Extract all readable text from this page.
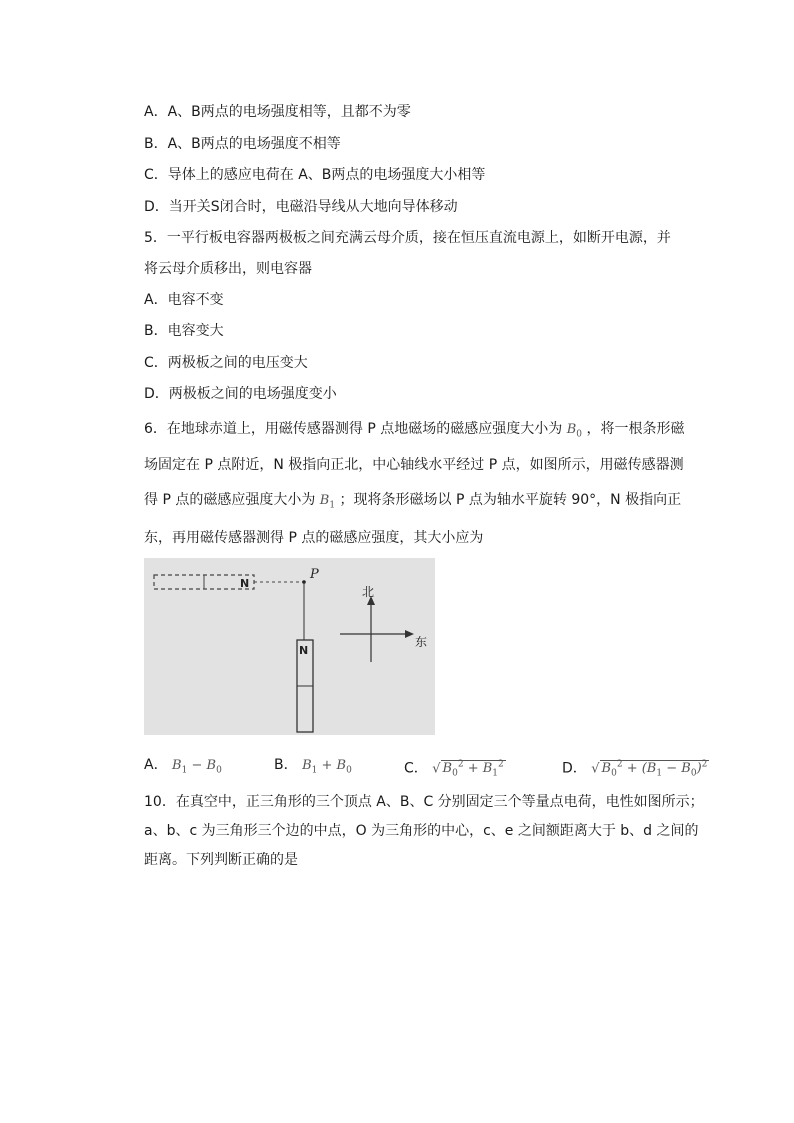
A．A、B两点的电场强度相等，且都不为零
B．A、B两点的电场强度不相等
C．导体上的感应电荷在 A、B两点的电场强度大小相等
D．当开关S闭合时，电磁沿导线从大地向导体移动
5．一平行板电容器两极板之间充满云母介质，接在恒压直流电源上，如断开电源，并
将云母介质移出，则电容器
A．电容不变
B．电容变大
C．两极板之间的电压变大
D．两极板之间的电场强度变小
6．在地球赤道上，用磁传感器测得 P 点地磁场的磁感应强度大小为 $B_0$ ，将一根条形磁
场固定在 P 点附近，N 极指向正北，中心轴线水平经过 P 点，如图所示，用磁传感器测
得 P 点的磁感应强度大小为 $B_1$ ；现将条形磁场以 P 点为轴水平旋转 90°，N 极指向正
东，再用磁传感器测得 P 点的磁感应强度，其大小应为
N
P
N
北
东
A． $B_1 - B_0$	B． $B_1 + B_0$	C． √ $B_0^2 + B_1^2$	D． √ $B_0^2 + (B_1 - B_0)^2$
10．在真空中，正三角形的三个顶点 A、B、C 分别固定三个等量点电荷，电性如图所示；
a、b、c 为三角形三个边的中点，O 为三角形的中心，c、e 之间额距离大于 b、d 之间的
距离。下列判断正确的是
